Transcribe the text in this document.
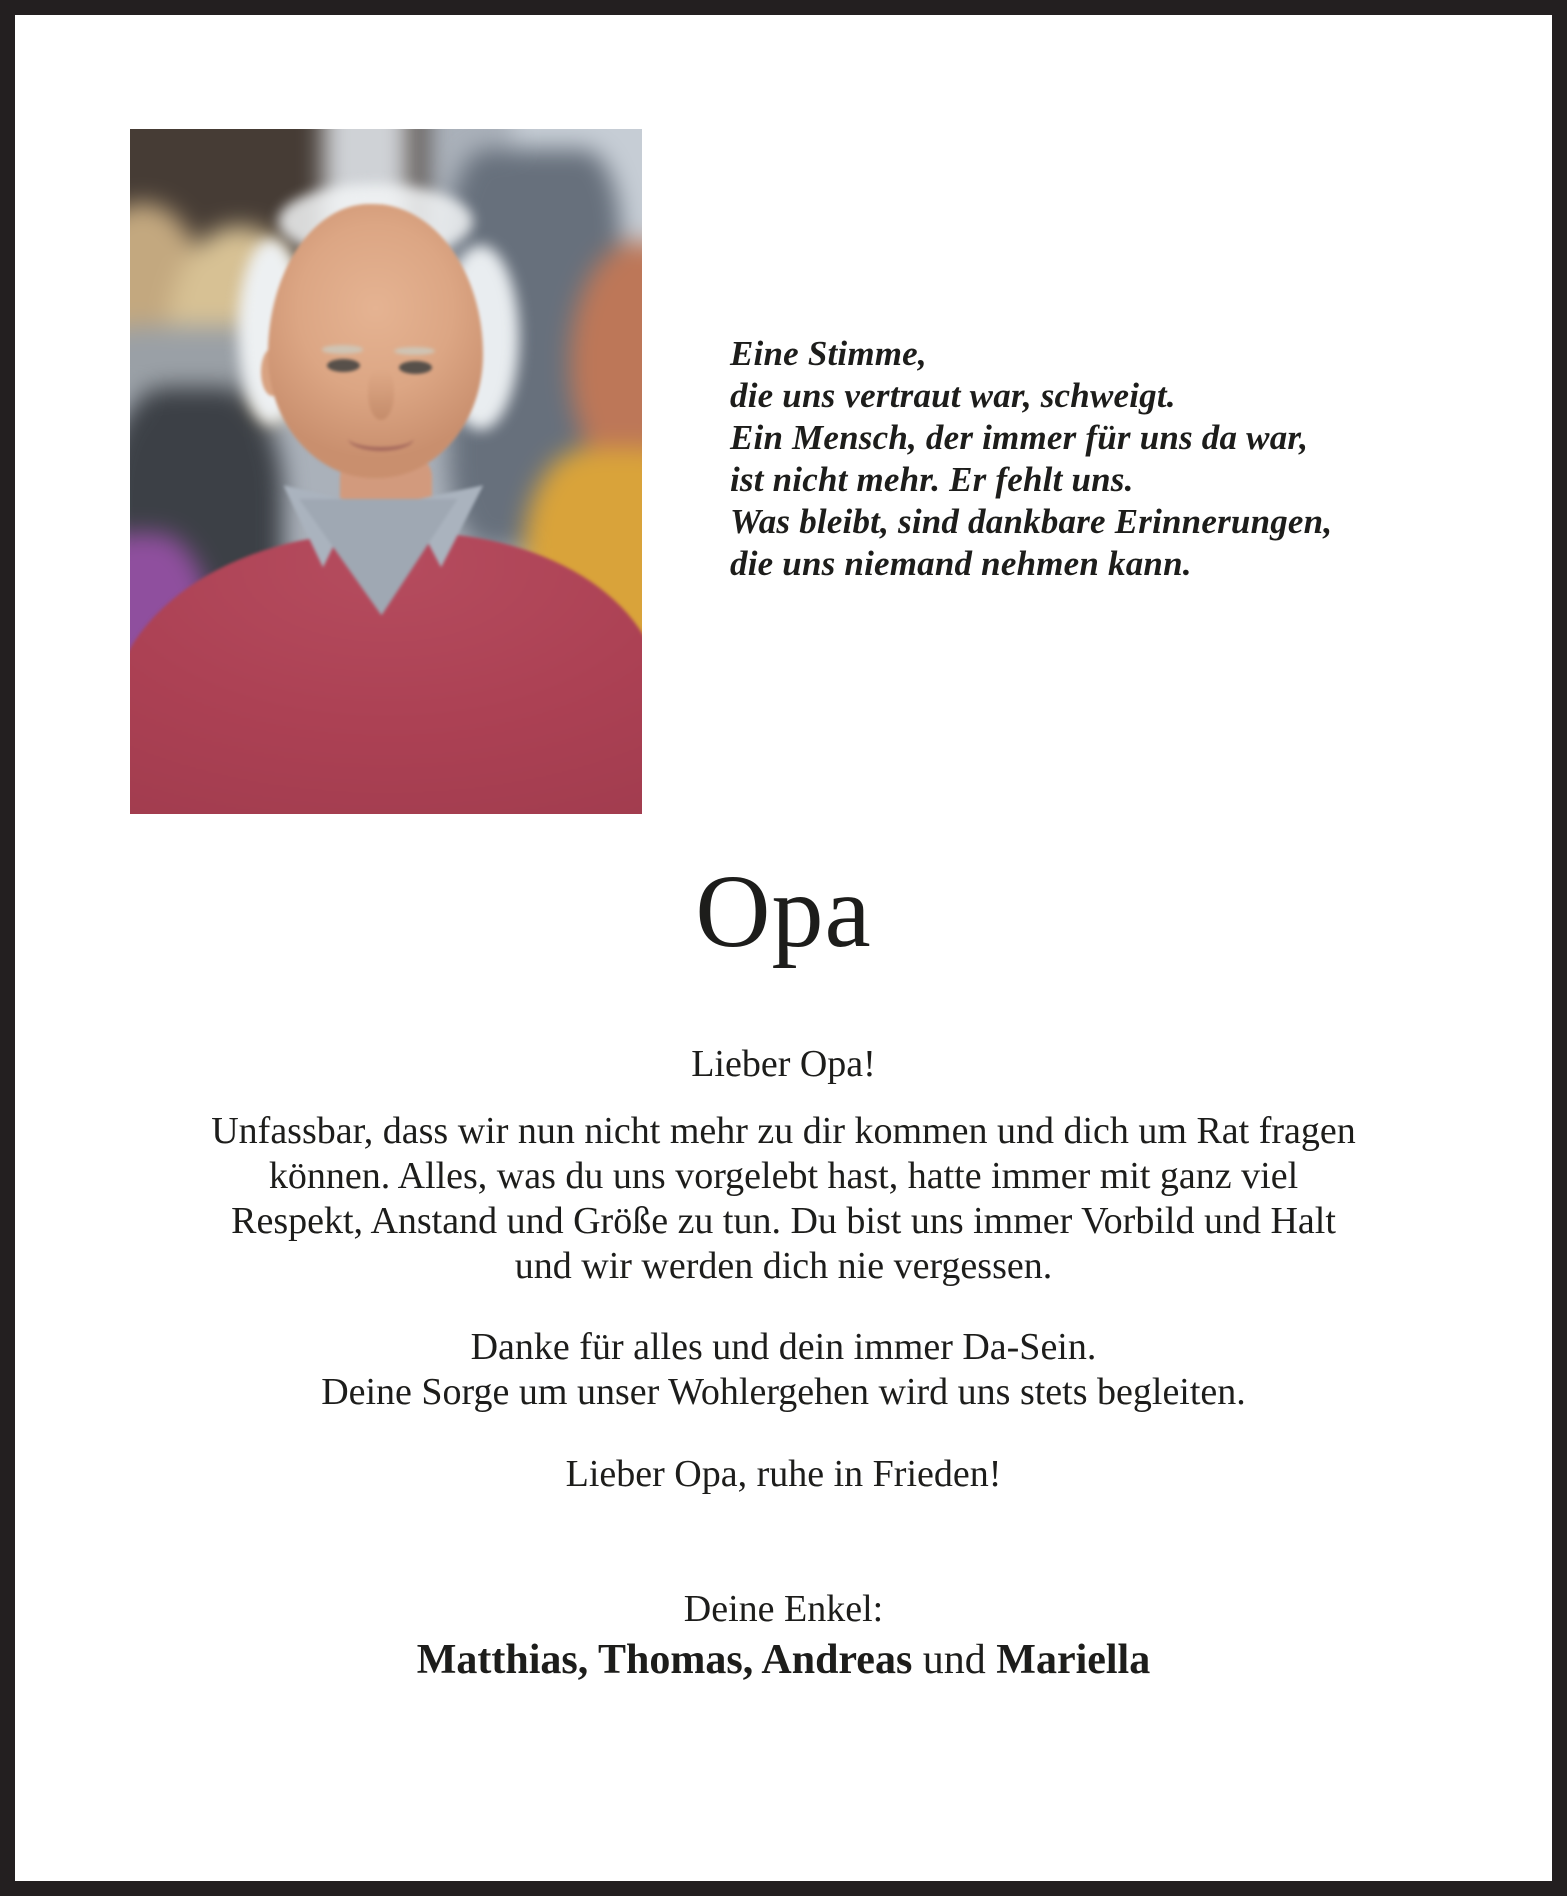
Eine Stimme,
die uns vertraut war, schweigt.
Ein Mensch, der immer für uns da war,
ist nicht mehr. Er fehlt uns.
Was bleibt, sind dankbare Erinnerungen,
die uns niemand nehmen kann.
Opa
Lieber Opa!
Unfassbar, dass wir nun nicht mehr zu dir kommen und dich um Rat fragen
können. Alles, was du uns vorgelebt hast, hatte immer mit ganz viel
Respekt, Anstand und Größe zu tun. Du bist uns immer Vorbild und Halt
und wir werden dich nie vergessen.
Danke für alles und dein immer Da-Sein.
Deine Sorge um unser Wohlergehen wird uns stets begleiten.
Lieber Opa, ruhe in Frieden!
Deine Enkel:
Matthias, Thomas, Andreas und Mariella
